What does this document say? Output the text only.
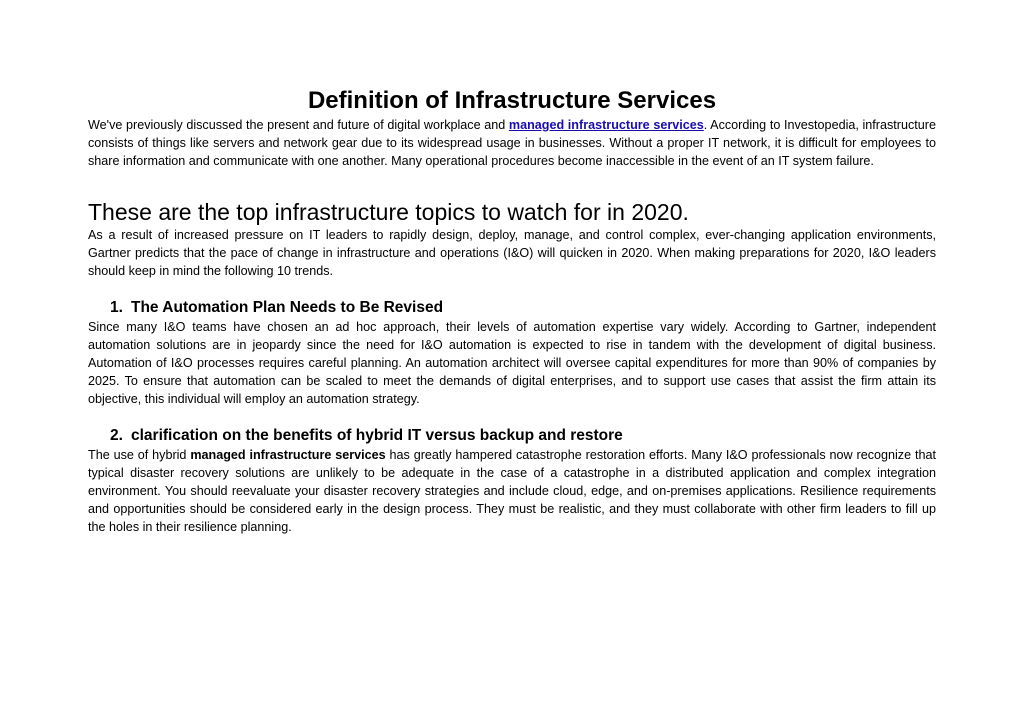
Definition of Infrastructure Services

We've previously discussed the present and future of digital workplace and managed infrastructure services. According to Investopedia, infrastructure consists of things like servers and network gear due to its widespread usage in businesses. Without a proper IT network, it is difficult for employees to share information and communicate with one another. Many operational procedures become inaccessible in the event of an IT system failure.

These are the top infrastructure topics to watch for in 2020.

As a result of increased pressure on IT leaders to rapidly design, deploy, manage, and control complex, ever-changing application environments, Gartner predicts that the pace of change in infrastructure and operations (I&O) will quicken in 2020. When making preparations for 2020, I&O leaders should keep in mind the following 10 trends.

1. The Automation Plan Needs to Be Revised

Since many I&O teams have chosen an ad hoc approach, their levels of automation expertise vary widely. According to Gartner, independent automation solutions are in jeopardy since the need for I&O automation is expected to rise in tandem with the development of digital business. Automation of I&O processes requires careful planning. An automation architect will oversee capital expenditures for more than 90% of companies by 2025. To ensure that automation can be scaled to meet the demands of digital enterprises, and to support use cases that assist the firm attain its objective, this individual will employ an automation strategy.

2. clarification on the benefits of hybrid IT versus backup and restore

The use of hybrid managed infrastructure services has greatly hampered catastrophe restoration efforts. Many I&O professionals now recognize that typical disaster recovery solutions are unlikely to be adequate in the case of a catastrophe in a distributed application and complex integration environment. You should reevaluate your disaster recovery strategies and include cloud, edge, and on-premises applications. Resilience requirements and opportunities should be considered early in the design process. They must be realistic, and they must collaborate with other firm leaders to fill up the holes in their resilience planning.
